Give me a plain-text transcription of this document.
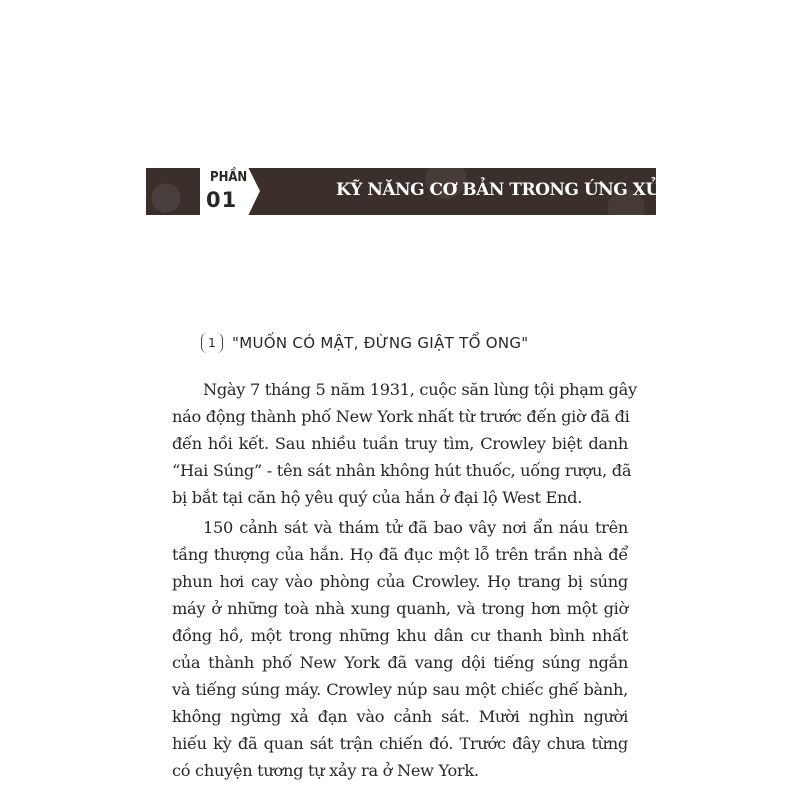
PHẦN
01	KỸ NĂNG CƠ BẢN TRONG ỨNG XỬ
1	"MUỐN CÓ MẬT, ĐỪNG GIẬT TỔ ONG"
Ngày 7 tháng 5 năm 1931, cuộc săn lùng tội phạm gây
náo động thành phố New York nhất từ trước đến giờ đã đi
đến hồi kết. Sau nhiều tuần truy tìm, Crowley biệt danh
“Hai Súng” - tên sát nhân không hút thuốc, uống rượu, đã
bị bắt tại căn hộ yêu quý của hắn ở đại lộ West End.
150 cảnh sát và thám tử đã bao vây nơi ẩn náu trên
tầng thượng của hắn. Họ đã đục một lỗ trên trần nhà để
phun hơi cay vào phòng của Crowley. Họ trang bị súng
máy ở những toà nhà xung quanh, và trong hơn một giờ
đồng hồ, một trong những khu dân cư thanh bình nhất
của thành phố New York đã vang dội tiếng súng ngắn
và tiếng súng máy. Crowley núp sau một chiếc ghế bành,
không ngừng xả đạn vào cảnh sát. Mười nghìn người
hiếu kỳ đã quan sát trận chiến đó. Trước đây chưa từng
có chuyện tương tự xảy ra ở New York.
